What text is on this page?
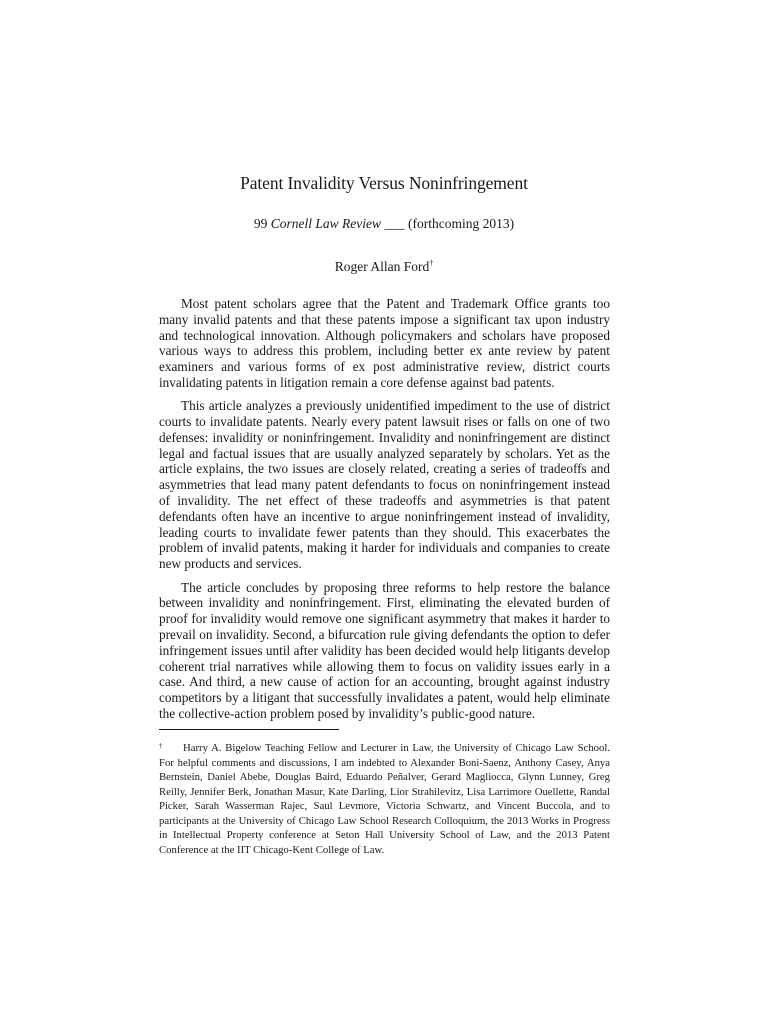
Patent Invalidity Versus Noninfringement
99 Cornell Law Review ___ (forthcoming 2013)
Roger Allan Ford†

Most patent scholars agree that the Patent and Trademark Office grants too many invalid patents and that these patents impose a significant tax upon industry and technological innovation. Although policymakers and scholars have proposed various ways to address this problem, including better ex ante review by patent examiners and various forms of ex post administrative review, district courts invalidating patents in litigation remain a core defense against bad patents.

This article analyzes a previously unidentified impediment to the use of district courts to invalidate patents. Nearly every patent lawsuit rises or falls on one of two defenses: invalidity or noninfringement. Invalidity and noninfringement are distinct legal and factual issues that are usually analyzed separately by scholars. Yet as the article explains, the two issues are closely related, creating a series of tradeoffs and asymmetries that lead many patent defendants to focus on noninfringement instead of invalidity. The net effect of these tradeoffs and asymmetries is that patent defendants often have an incentive to argue noninfringement instead of invalidity, leading courts to invalidate fewer patents than they should. This exacerbates the problem of invalid patents, making it harder for individuals and companies to create new products and services.

The article concludes by proposing three reforms to help restore the balance between invalidity and noninfringement. First, eliminating the elevated burden of proof for invalidity would remove one significant asymmetry that makes it harder to prevail on invalidity. Second, a bifurcation rule giving defendants the option to defer infringement issues until after validity has been decided would help litigants develop coherent trial narratives while allowing them to focus on validity issues early in a case. And third, a new cause of action for an accounting, brought against industry competitors by a litigant that successfully invalidates a patent, would help eliminate the collective-action problem posed by invalidity’s public-good nature.

† Harry A. Bigelow Teaching Fellow and Lecturer in Law, the University of Chicago Law School. For helpful comments and discussions, I am indebted to Alexander Boni-Saenz, Anthony Casey, Anya Bernstein, Daniel Abebe, Douglas Baird, Eduardo Peñalver, Gerard Magliocca, Glynn Lunney, Greg Reilly, Jennifer Berk, Jonathan Masur, Kate Darling, Lior Strahilevitz, Lisa Larrimore Ouellette, Randal Picker, Sarah Wasserman Rajec, Saul Levmore, Victoria Schwartz, and Vincent Buccola, and to participants at the University of Chicago Law School Research Colloquium, the 2013 Works in Progress in Intellectual Property conference at Seton Hall University School of Law, and the 2013 Patent Conference at the IIT Chicago-Kent College of Law.
